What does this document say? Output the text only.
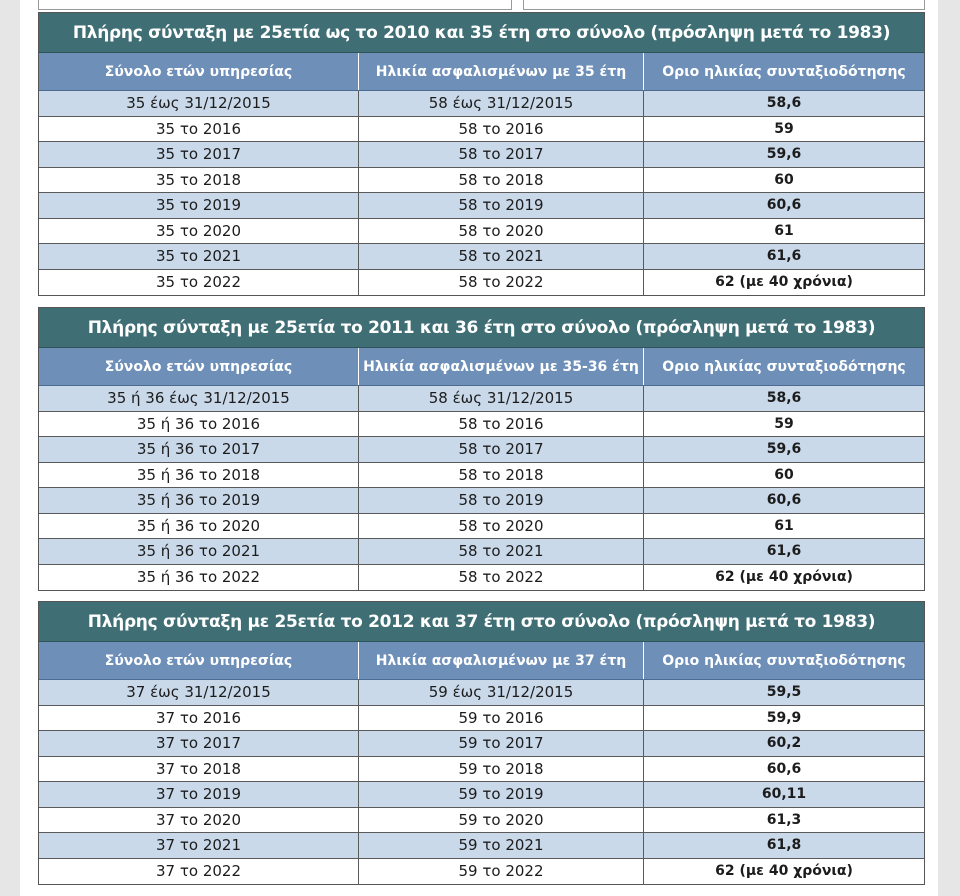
Πλήρης σύνταξη με 25ετία ως το 2010 και 35 έτη στο σύνολο (πρόσληψη μετά το 1983)
Σύνολο ετών υπηρεσίας	Ηλικία ασφαλισμένων με 35 έτη	Οριο ηλικίας συνταξιοδότησης
35 έως 31/12/2015	58 έως 31/12/2015	58,6
35 το 2016	58 το 2016	59
35 το 2017	58 το 2017	59,6
35 το 2018	58 το 2018	60
35 το 2019	58 το 2019	60,6
35 το 2020	58 το 2020	61
35 το 2021	58 το 2021	61,6
35 το 2022	58 το 2022	62 (με 40 χρόνια)
Πλήρης σύνταξη με 25ετία το 2011 και 36 έτη στο σύνολο (πρόσληψη μετά το 1983)
Σύνολο ετών υπηρεσίας	Ηλικία ασφαλισμένων με 35-36 έτη	Οριο ηλικίας συνταξιοδότησης
35 ή 36 έως 31/12/2015	58 έως 31/12/2015	58,6
35 ή 36 το 2016	58 το 2016	59
35 ή 36 το 2017	58 το 2017	59,6
35 ή 36 το 2018	58 το 2018	60
35 ή 36 το 2019	58 το 2019	60,6
35 ή 36 το 2020	58 το 2020	61
35 ή 36 το 2021	58 το 2021	61,6
35 ή 36 το 2022	58 το 2022	62 (με 40 χρόνια)
Πλήρης σύνταξη με 25ετία το 2012 και 37 έτη στο σύνολο (πρόσληψη μετά το 1983)
Σύνολο ετών υπηρεσίας	Ηλικία ασφαλισμένων με 37 έτη	Οριο ηλικίας συνταξιοδότησης
37 έως 31/12/2015	59 έως 31/12/2015	59,5
37 το 2016	59 το 2016	59,9
37 το 2017	59 το 2017	60,2
37 το 2018	59 το 2018	60,6
37 το 2019	59 το 2019	60,11
37 το 2020	59 το 2020	61,3
37 το 2021	59 το 2021	61,8
37 το 2022	59 το 2022	62 (με 40 χρόνια)
